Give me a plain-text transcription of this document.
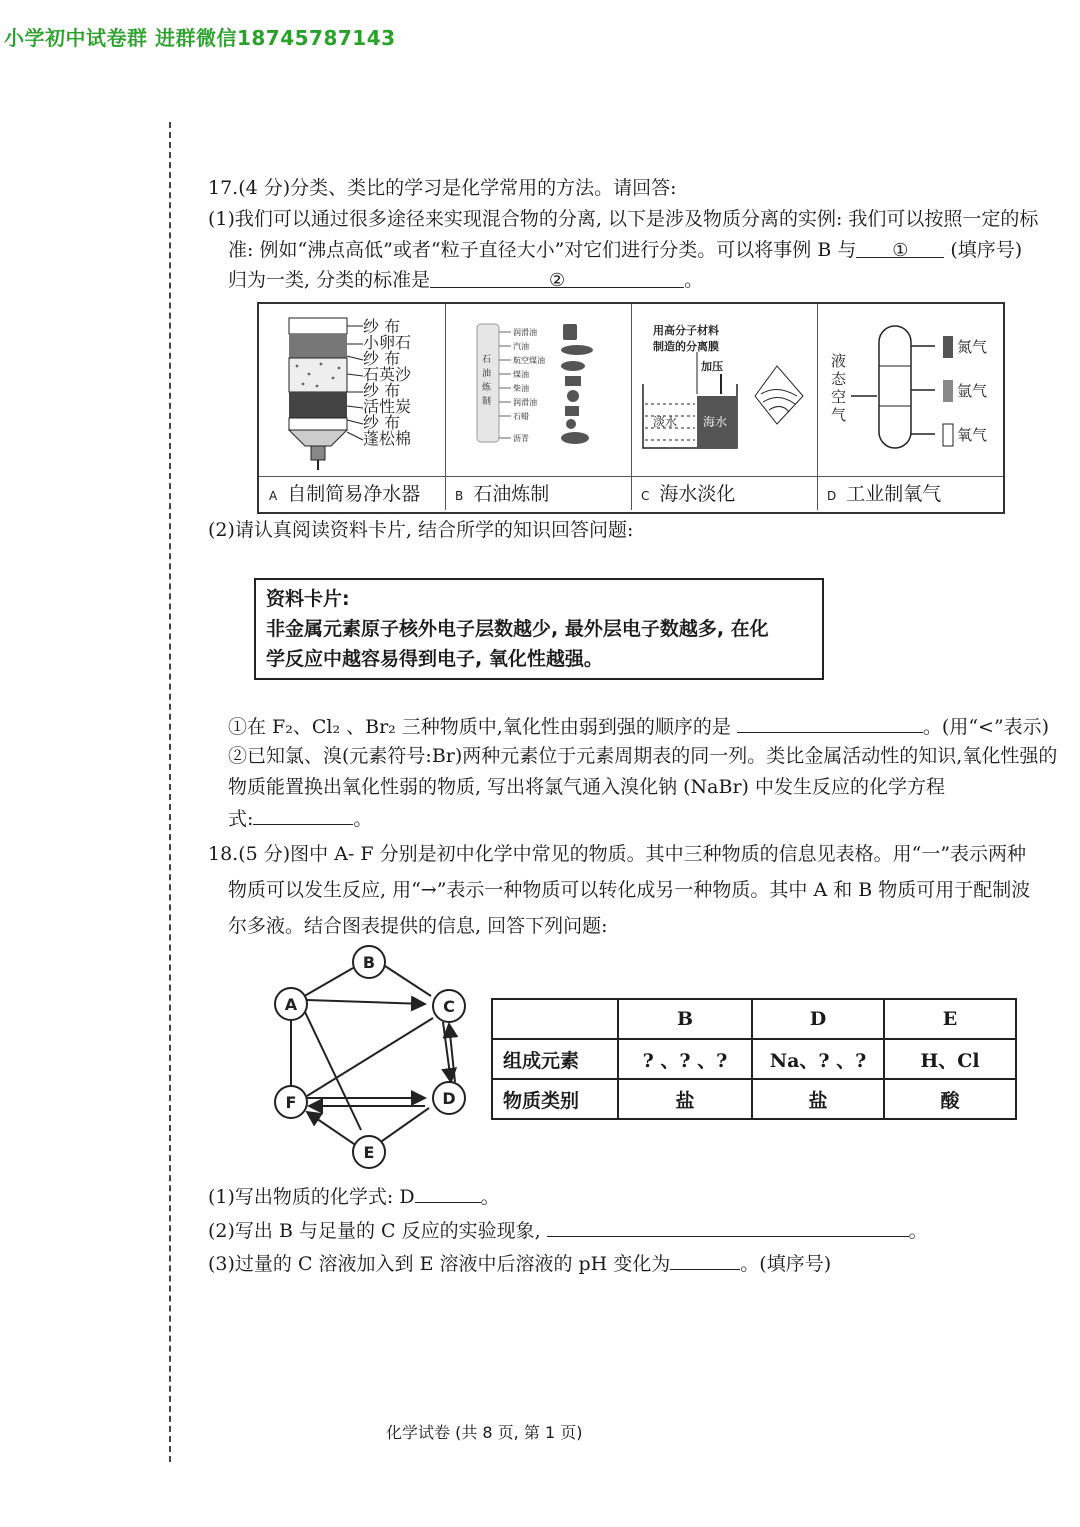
小学初中试卷群 进群微信18745787143
17.(4 分)分类、类比的学习是化学常用的方法。请回答:
(1)我们可以通过很多途径来实现混合物的分离, 以下是涉及物质分离的实例: 我们可以按照一定的标
准: 例如“沸点高低”或者“粒子直径大小”对它们进行分类。可以将事例 B 与 ① (填序号)
归为一类, 分类的标准是	②	。
纱 布
小卵石
纱 布
石英沙
纱 布
活性炭
纱 布
蓬松棉
A 自制简易净水器
石
油
炼
制
润滑油
汽油
航空煤油
煤油
柴油
润滑油
石蜡
沥青
B 石油炼制
用高分子材料
制造的分离膜
加压
淡水 海水
C 海水淡化
液
态
空
气
氮气
氩气
氧气
D 工业制氧气
(2)请认真阅读资料卡片, 结合所学的知识回答问题:
资料卡片:
非金属元素原子核外电子层数越少, 最外层电子数越多, 在化
学反应中越容易得到电子, 氧化性越强。
①在 F₂、Cl₂ 、Br₂ 三种物质中,氧化性由弱到强的顺序的是	。(用“<”表示)
②已知氯、溴(元素符号:Br)两种元素位于元素周期表的同一列。类比金属活动性的知识,氧化性强的
物质能置换出氧化性弱的物质, 写出将氯气通入溴化钠 (NaBr) 中发生反应的化学方程
式:	。
18.(5 分)图中 A- F 分别是初中化学中常见的物质。其中三种物质的信息见表格。用“一”表示两种
物质可以发生反应, 用“→”表示一种物质可以转化成另一种物质。其中 A 和 B 物质可用于配制波
尔多液。结合图表提供的信息, 回答下列问题:
B
A	C
F	D
E
	B	D	E
组成元素	? 、? 、?	Na、? 、?	H、Cl
物质类别	盐	盐	酸
(1)写出物质的化学式: D	。
(2)写出 B 与足量的 C 反应的实验现象,	。
(3)过量的 C 溶液加入到 E 溶液中后溶液的 pH 变化为	。(填序号)
化学试卷 (共 8 页, 第 1 页)
